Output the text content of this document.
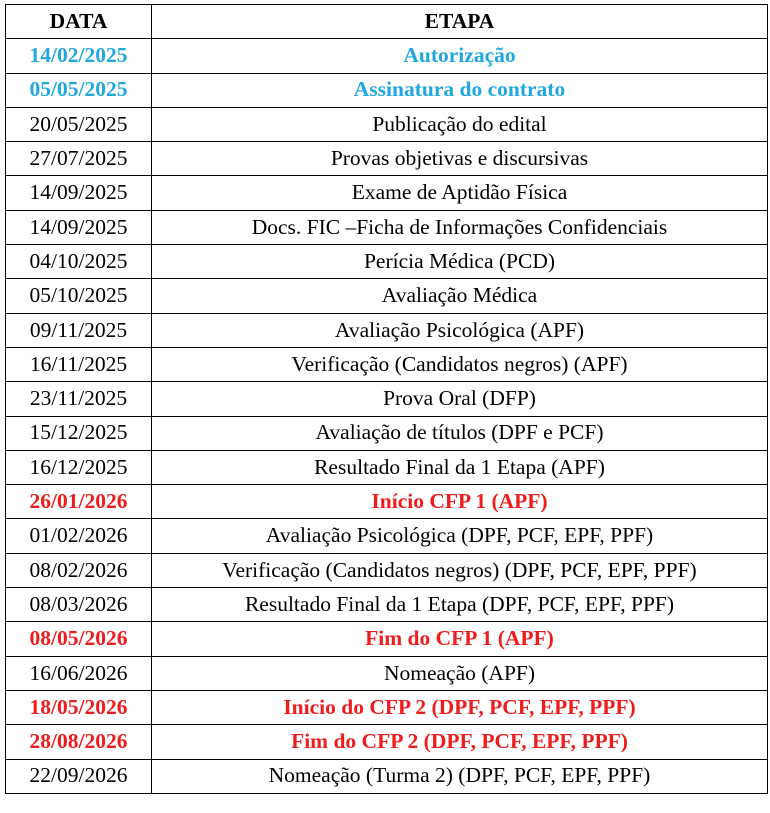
DATA	ETAPA
14/02/2025	Autorização
05/05/2025	Assinatura do contrato
20/05/2025	Publicação do edital
27/07/2025	Provas objetivas e discursivas
14/09/2025	Exame de Aptidão Física
14/09/2025	Docs. FIC –Ficha de Informações Confidenciais
04/10/2025	Perícia Médica (PCD)
05/10/2025	Avaliação Médica
09/11/2025	Avaliação Psicológica (APF)
16/11/2025	Verificação (Candidatos negros) (APF)
23/11/2025	Prova Oral (DFP)
15/12/2025	Avaliação de títulos (DPF e PCF)
16/12/2025	Resultado Final da 1 Etapa (APF)
26/01/2026	Início CFP 1 (APF)
01/02/2026	Avaliação Psicológica (DPF, PCF, EPF, PPF)
08/02/2026	Verificação (Candidatos negros) (DPF, PCF, EPF, PPF)
08/03/2026	Resultado Final da 1 Etapa (DPF, PCF, EPF, PPF)
08/05/2026	Fim do CFP 1 (APF)
16/06/2026	Nomeação (APF)
18/05/2026	Início do CFP 2 (DPF, PCF, EPF, PPF)
28/08/2026	Fim do CFP 2 (DPF, PCF, EPF, PPF)
22/09/2026	Nomeação (Turma 2) (DPF, PCF, EPF, PPF)
